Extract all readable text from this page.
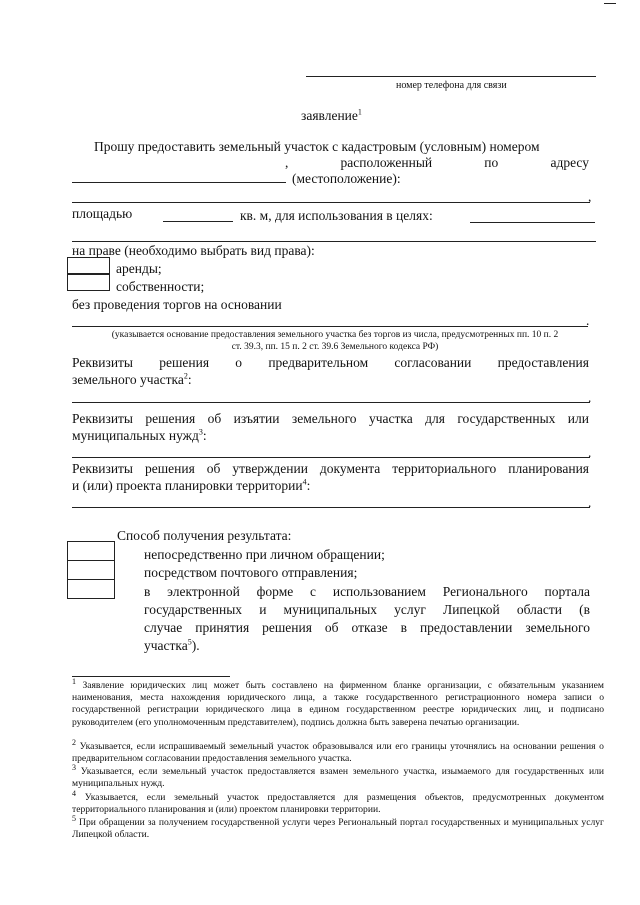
номер телефона для связи
заявление$^1$
Прошу предоставить земельный участок с кадастровым (условным) номером
,	расположенный	по	адресу
(местоположение):
,
площадью	кв. м, для использования в целях:
на праве (необходимо выбрать вид права):
аренды;
собственности;
без проведения торгов на основании
.
(указывается основание предоставления земельного участка без торгов из числа, предусмотренных пп. 10 п. 2
ст. 39.3, пп. 15 п. 2 ст. 39.6 Земельного кодекса РФ)
Реквизиты решения о предварительном согласовании предоставления
земельного участка$^2$:
.
Реквизиты решения об изъятии земельного участка для государственных или
муниципальных нужд$^3$:
.
Реквизиты решения об утверждении документа территориального планирования
и (или) проекта планировки территории$^4$:
.
Способ получения результата:
непосредственно при личном обращении;
посредством почтового отправления;
в электронной форме с использованием Регионального портала
государственных и муниципальных услуг Липецкой области (в
случае принятия решения об отказе в предоставлении земельного
участка$^5$).
$^1$ Заявление юридических лиц может быть составлено на фирменном бланке организации, с обязательным указанием наименования, места нахождения юридического лица, а также государственного регистрационного номера записи о государственной регистрации юридического лица в едином государственном реестре юридических лиц, и подписано руководителем (его уполномоченным представителем), подпись должна быть заверена печатью организации.
$^2$ Указывается, если испрашиваемый земельный участок образовывался или его границы уточнялись на основании решения о предварительном согласовании предоставления земельного участка.
$^3$ Указывается, если земельный участок предоставляется взамен земельного участка, изымаемого для государственных или муниципальных нужд.
$^4$ Указывается, если земельный участок предоставляется для размещения объектов, предусмотренных документом территориального планирования и (или) проектом планировки территории.
$^5$ При обращении за получением государственной услуги через Региональный портал государственных и муниципальных услуг Липецкой области.
